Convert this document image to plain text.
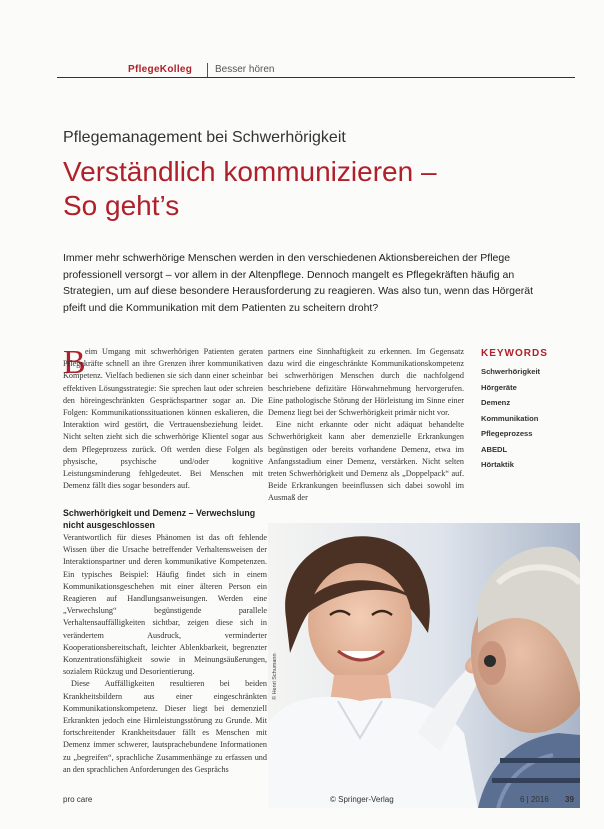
PflegeKolleg Besser hören
Pflegemanagement bei Schwerhörigkeit
Verständlich kommunizieren –
So geht’s
Immer mehr schwerhörige Menschen werden in den verschiedenen Aktionsbereichen der Pflege professionell versorgt – vor allem in der Altenpflege. Dennoch mangelt es Pflegekräften häufig an Strategien, um auf diese besondere Herausforderung zu reagieren. Was also tun, wenn das Hörgerät pfeift und die Kommunikation mit dem Patienten zu scheitern droht?
B eim Umgang mit schwerhörigen Patienten geraten Pflegekräfte schnell an ihre Grenzen ihrer kommunikativen Kompetenz. Vielfach bedienen sie sich dann einer scheinbar effektiven Lösungsstrategie: Sie sprechen laut oder schreien den höreingeschränkten Gesprächspartner sogar an. Die Folgen: Kommunikationssituationen können eskalieren, die Interaktion wird gestört, die Vertrauensbeziehung leidet. Nicht selten zieht sich die schwerhörige Klientel sogar aus dem Pflegeprozess zurück. Oft werden diese Folgen als physische, psychische und/oder kognitive Leistungsminderung fehlgedeutet. Bei Menschen mit Demenz fällt dies sogar besonders auf.

Schwerhörigkeit und Demenz – Verwechslung nicht ausgeschlossen

Verantwortlich für dieses Phänomen ist das oft fehlende Wissen über die Ursache betreffender Verhaltensweisen der Interaktionspartner und deren kommunikative Kompetenzen. Ein typisches Beispiel: Häufig findet sich in einem Kommunikationsgeschehen mit einer älteren Person ein Reagieren auf Handlungsanweisungen. Werden eine „Verwechslung“ begünstigende parallele Verhaltensauffälligkeiten sichtbar, zeigen diese sich in verändertem Ausdruck, verminderter Kooperationsbereitschaft, leichter Ablenkbarkeit, begrenzter Konzentrationsfähigkeit sowie in Meinungsäußerungen, sozialem Rückzug und Desorientierung.

Diese Auffälligkeiten resultieren bei beiden Krankheitsbildern aus einer eingeschränkten Kommunikationskompetenz. Dieser liegt bei demenziell Erkrankten jedoch eine Hirnleistungsstörung zu Grunde. Mit fortschreitender Krankheitsdauer fällt es Menschen mit Demenz immer schwerer, lautsprachebundene Informationen zu „begreifen“, sprachliche Zusammenhänge zu erfassen und an den sprachlichen Anforderungen des Gesprächs

partners eine Sinnhaftigkeit zu erkennen. Im Gegensatz dazu wird die eingeschränkte Kommunikationskompetenz bei schwerhörigen Menschen durch die nachfolgend beschriebene defizitäre Hörwahrnehmung hervorgerufen. Eine pathologische Störung der Hörleistung im Sinne einer Demenz liegt bei der Schwerhörigkeit primär nicht vor.

Eine nicht erkannte oder nicht adäquat behandelte Schwerhörigkeit kann aber demenzielle Erkrankungen begünstigen oder bereits vorhandene Demenz, etwa im Anfangsstadium einer Demenz, verstärken. Nicht selten treten Schwerhörigkeit und Demenz als „Doppelpack“ auf. Beide Erkrankungen beeinflussen sich dabei sowohl im Ausmaß der

KEYWORDS
Schwerhörigkeit
Hörgeräte
Demenz
Kommunikation
Pflegeprozess
ABEDL
Hörtaktik
© Henri Schumann
pro care	© Springer-Verlag	6 | 2016 39
